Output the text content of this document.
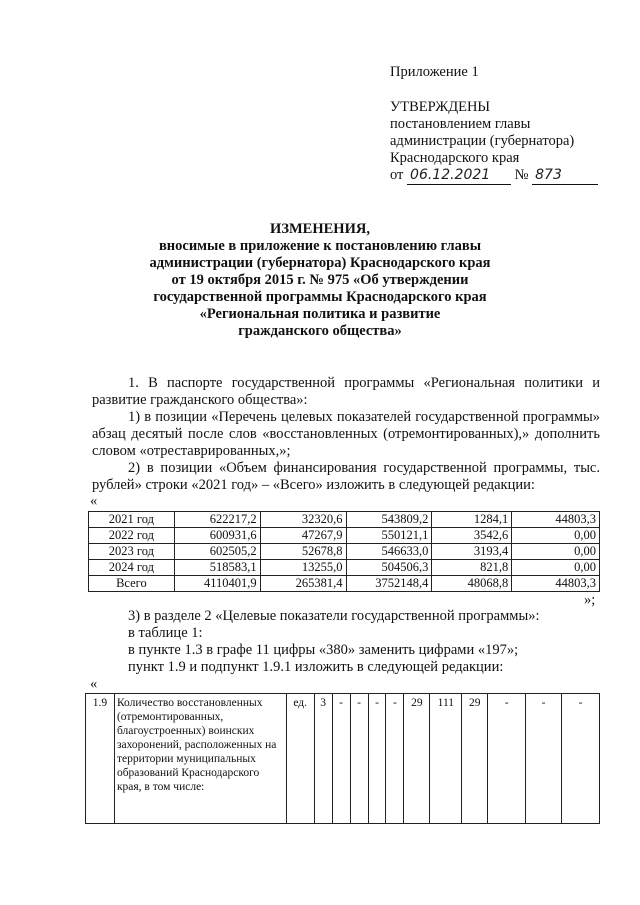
Приложение 1
УТВЕРЖДЕНЫ
постановлением главы
администрации (губернатора)
Краснодарского края
от 06.12.2021 № 873
ИЗМЕНЕНИЯ,
вносимые в приложение к постановлению главы
администрации (губернатора) Краснодарского края
от 19 октября 2015 г. № 975 «Об утверждении
государственной программы Краснодарского края
«Региональная политика и развитие
гражданского общества»

1. В паспорте государственной программы «Региональная политики и развитие гражданского общества»:

1) в позиции «Перечень целевых показателей государственной программы» абзац десятый после слов «восстановленных (отремонтированных),» дополнить словом «отреставрированных,»;

2) в позиции «Объем финансирования государственной программы, тыс. рублей» строки «2021 год» – «Всего» изложить в следующей редакции:

«
2021 год	622217,2	32320,6	543809,2	1284,1	44803,3
2022 год	600931,6	47267,9	550121,1	3542,6	0,00
2023 год	602505,2	52678,8	546633,0	3193,4	0,00
2024 год	518583,1	13255,0	504506,3	821,8	0,00
Всего	4110401,9	265381,4	3752148,4	48068,8	44803,3
»;

3) в разделе 2 «Целевые показатели государственной программы»:

в таблице 1:

в пункте 1.3 в графе 11 цифры «380» заменить цифрами «197»;

пункт 1.9 и подпункт 1.9.1 изложить в следующей редакции:

«
1.9	Количество восстановленных (отремонтированных, благоустроенных) воинских захоронений, расположенных на территории муниципальных образований Краснодарского края, в том числе:	ед.	3	-	-	-	-	29	111	29	-	-	-
